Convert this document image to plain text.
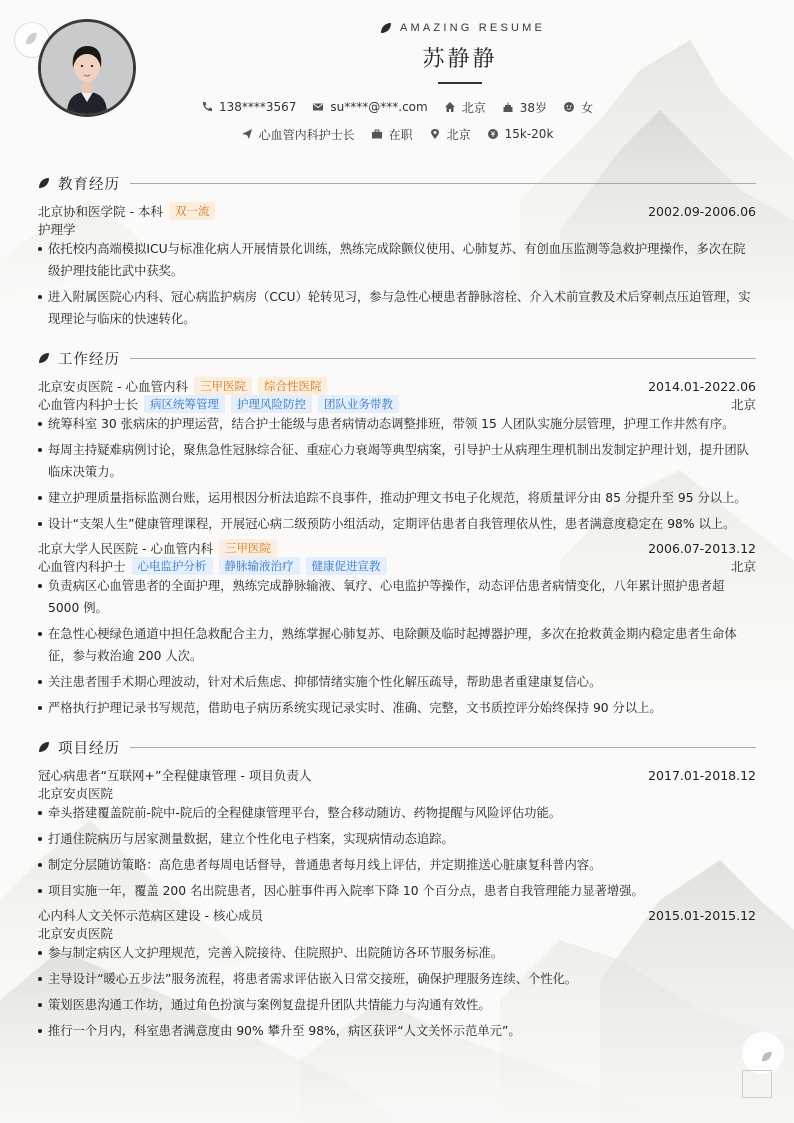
AMAZING RESUME
苏静静
138****3567	su****@***.com	北京	38岁	女
心血管内科护士长	在职	北京	15k-20k
教育经历
北京协和医学院 - 本科	双一流	2002.09-2006.06
护理学
依托校内高端模拟ICU与标准化病人开展情景化训练，熟练完成除颤仪使用、心肺复苏、有创血压监测等急救护理操作，多次在院级护理技能比武中获奖。
进入附属医院心内科、冠心病监护病房（CCU）轮转见习，参与急性心梗患者静脉溶栓、介入术前宣教及术后穿刺点压迫管理，实现理论与临床的快速转化。
工作经历
北京安贞医院 - 心血管内科	三甲医院	综合性医院	2014.01-2022.06
心血管内科护士长	病区统筹管理	护理风险防控	团队业务带教	北京
统筹科室 30 张病床的护理运营，结合护士能级与患者病情动态调整排班，带领 15 人团队实施分层管理，护理工作井然有序。
每周主持疑难病例讨论，聚焦急性冠脉综合征、重症心力衰竭等典型病案，引导护士从病理生理机制出发制定护理计划，提升团队临床决策力。
建立护理质量指标监测台账，运用根因分析法追踪不良事件，推动护理文书电子化规范，将质量评分由 85 分提升至 95 分以上。
设计“支架人生”健康管理课程，开展冠心病二级预防小组活动，定期评估患者自我管理依从性，患者满意度稳定在 98% 以上。
北京大学人民医院 - 心血管内科	三甲医院	2006.07-2013.12
心血管内科护士	心电监护分析	静脉输液治疗	健康促进宣教	北京
负责病区心血管患者的全面护理，熟练完成静脉输液、氧疗、心电监护等操作，动态评估患者病情变化，八年累计照护患者超 5000 例。
在急性心梗绿色通道中担任急救配合主力，熟练掌握心肺复苏、电除颤及临时起搏器护理，多次在抢救黄金期内稳定患者生命体征，参与救治逾 200 人次。
关注患者围手术期心理波动，针对术后焦虑、抑郁情绪实施个性化解压疏导，帮助患者重建康复信心。
严格执行护理记录书写规范，借助电子病历系统实现记录实时、准确、完整，文书质控评分始终保持 90 分以上。
项目经历
冠心病患者“互联网+”全程健康管理 - 项目负责人	2017.01-2018.12
北京安贞医院
牵头搭建覆盖院前-院中-院后的全程健康管理平台，整合移动随访、药物提醒与风险评估功能。
打通住院病历与居家测量数据，建立个性化电子档案，实现病情动态追踪。
制定分层随访策略：高危患者每周电话督导，普通患者每月线上评估，并定期推送心脏康复科普内容。
项目实施一年，覆盖 200 名出院患者，因心脏事件再入院率下降 10 个百分点，患者自我管理能力显著增强。
心内科人文关怀示范病区建设 - 核心成员	2015.01-2015.12
北京安贞医院
参与制定病区人文护理规范，完善入院接待、住院照护、出院随访各环节服务标准。
主导设计“暖心五步法”服务流程，将患者需求评估嵌入日常交接班，确保护理服务连续、个性化。
策划医患沟通工作坊，通过角色扮演与案例复盘提升团队共情能力与沟通有效性。
推行一个月内，科室患者满意度由 90% 攀升至 98%，病区获评“人文关怀示范单元”。
